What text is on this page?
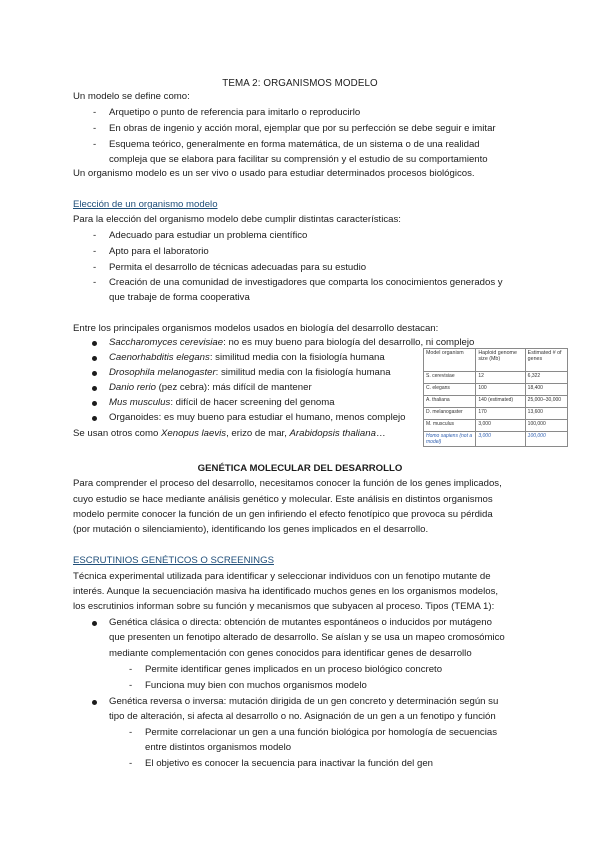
TEMA 2: ORGANISMOS MODELO
Un modelo se define como:
- Arquetipo o punto de referencia para imitarlo o reproducirlo
- En obras de ingenio y acción moral, ejemplar que por su perfección se debe seguir e imitar
- Esquema teórico, generalmente en forma matemática, de un sistema o de una realidad
compleja que se elabora para facilitar su comprensión y el estudio de su comportamiento
Un organismo modelo es un ser vivo o usado para estudiar determinados procesos biológicos.
Elección de un organismo modelo
Para la elección del organismo modelo debe cumplir distintas características:
- Adecuado para estudiar un problema científico
- Apto para el laboratorio
- Permita el desarrollo de técnicas adecuadas para su estudio
- Creación de una comunidad de investigadores que comparta los conocimientos generados y
que trabaje de forma cooperativa
Entre los principales organismos modelos usados en biología del desarrollo destacan:
Saccharomyces cerevisiae: no es muy bueno para biología del desarrollo, ni complejo
Caenorhabditis elegans: similitud media con la fisiología humana
Drosophila melanogaster: similitud media con la fisiología humana
Danio rerio (pez cebra): más difícil de mantener
Mus musculus: difícil de hacer screening del genoma
Organoides: es muy bueno para estudiar el humano, menos complejo
Se usan otros como Xenopus laevis, erizo de mar, Arabidopsis thaliana…
Model organism	Haploid genome size (Mb)	Estimated # of genes
S. cerevisiae	12	6,322
C. elegans	100	18,400
A. thaliana	140 (estimated)	25,000–30,000
D. melanogaster	170	13,600
M. musculus	3,000	100,000
Homo sapiens (not a model)	3,000	100,000
GENÉTICA MOLECULAR DEL DESARROLLO
Para comprender el proceso del desarrollo, necesitamos conocer la función de los genes implicados,
cuyo estudio se hace mediante análisis genético y molecular. Este análisis en distintos organismos
modelo permite conocer la función de un gen infiriendo el efecto fenotípico que provoca su pérdida
(por mutación o silenciamiento), identificando los genes implicados en el desarrollo.
ESCRUTINIOS GENÉTICOS O SCREENINGS
Técnica experimental utilizada para identificar y seleccionar individuos con un fenotipo mutante de
interés. Aunque la secuenciación masiva ha identificado muchos genes en los organismos modelos,
los escrutinios informan sobre su función y mecanismos que subyacen al proceso. Tipos (TEMA 1):
Genética clásica o directa: obtención de mutantes espontáneos o inducidos por mutágeno
que presenten un fenotipo alterado de desarrollo. Se aíslan y se usa un mapeo cromosómico
mediante complementación con genes conocidos para identificar genes de desarrollo
- Permite identificar genes implicados en un proceso biológico concreto
- Funciona muy bien con muchos organismos modelo
Genética reversa o inversa: mutación dirigida de un gen concreto y determinación según su
tipo de alteración, si afecta al desarrollo o no. Asignación de un gen a un fenotipo y función
- Permite correlacionar un gen a una función biológica por homología de secuencias
entre distintos organismos modelo
- El objetivo es conocer la secuencia para inactivar la función del gen
